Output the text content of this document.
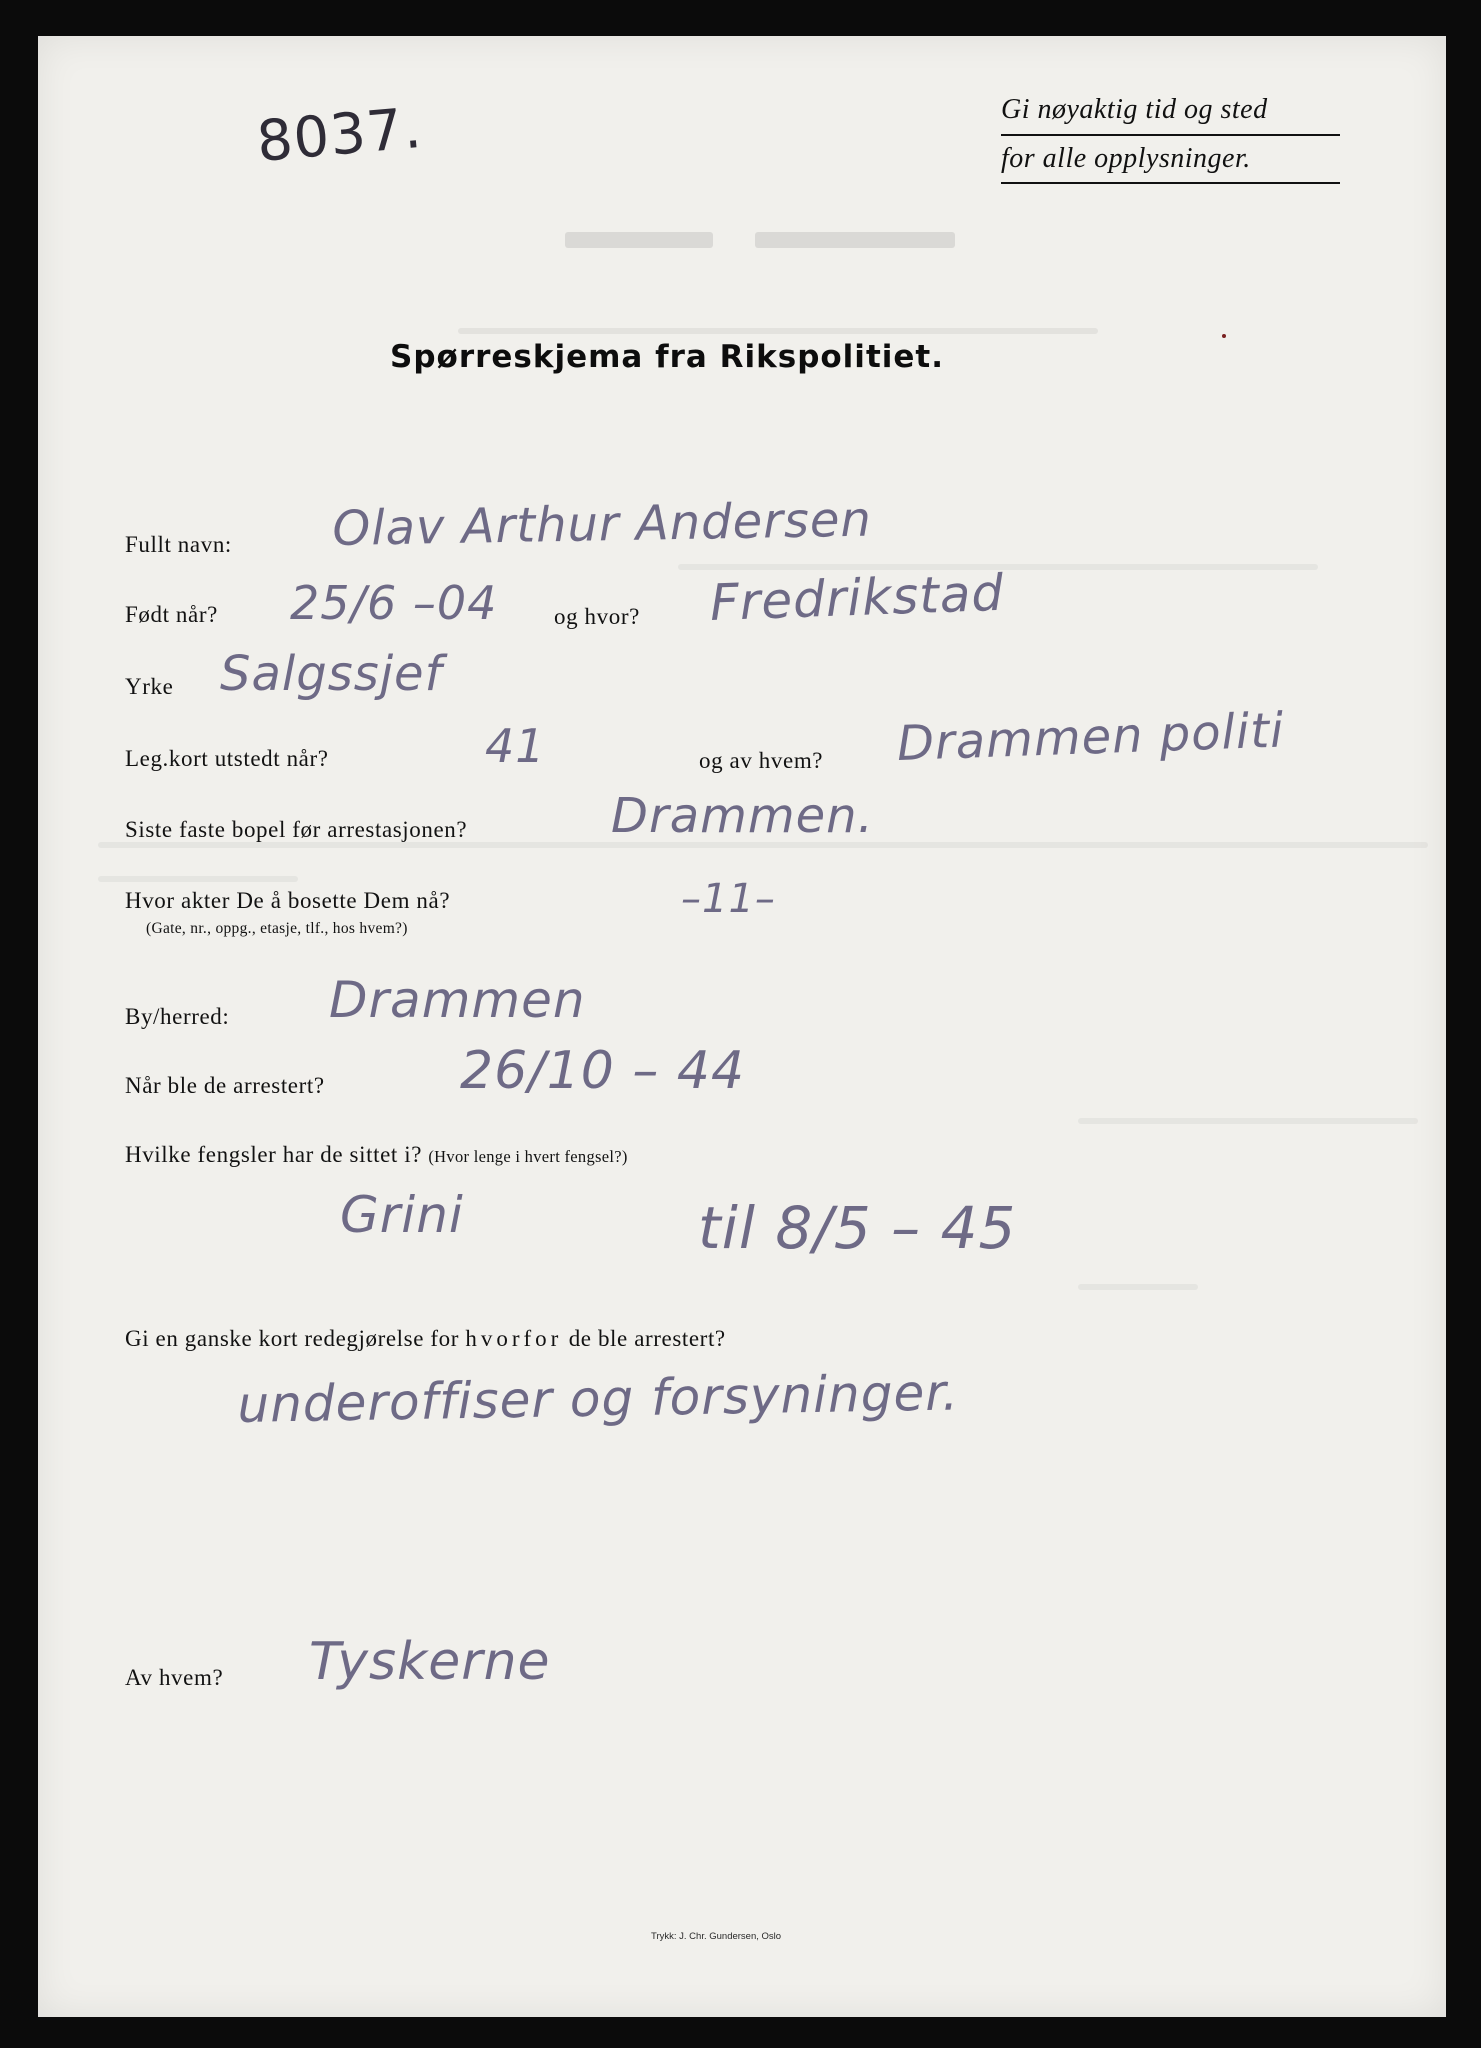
8037.	Gi nøyaktig tid og sted
for alle opplysninger.
Spørreskjema fra Rikspolitiet.
Fullt navn: Olav Arthur Andersen
Født når? 25/6 –04 og hvor? Fredrikstad
Yrke Salgssjef
Leg.kort utstedt når?	41	og av hvem? Drammen politi
Siste faste bopel før arrestasjonen?	Drammen.
Hvor akter De å bosette Dem nå?
(Gate, nr., oppg., etasje, tlf., hos hvem?)
–11–
By/herred: Drammen
Når ble de arrestert?	26/10 – 44
Hvilke fengsler har de sittet i? (Hvor lenge i hvert fengsel?)
Grini	til 8/5 – 45
Gi en ganske kort redegjørelse for hvorfor de ble arrestert?
underoffiser og forsyninger.
Av hvem? Tyskerne
Trykk: J. Chr. Gundersen, Oslo
